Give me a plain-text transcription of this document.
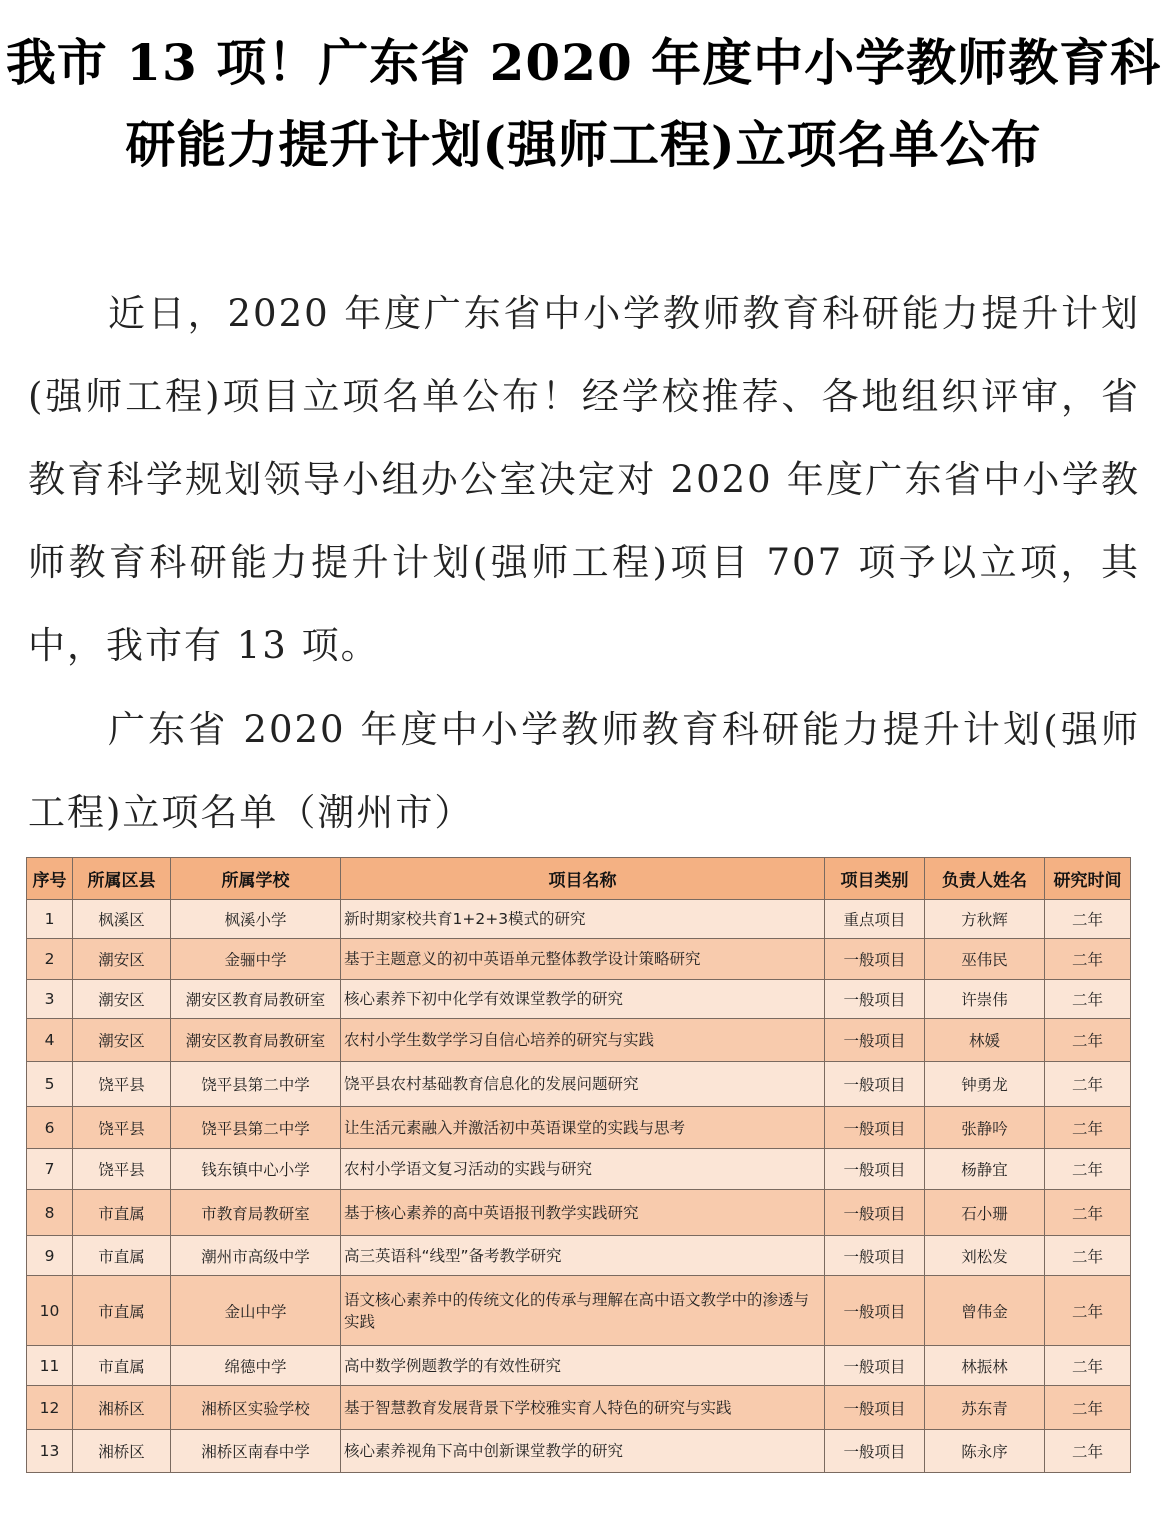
我市 13 项！广东省 2020 年度中小学教师教育科
研能力提升计划(强师工程)立项名单公布
近日，2020 年度广东省中小学教师教育科研能力提升计划(强师工程)项目立项名单公布！经学校推荐、各地组织评审，省教育科学规划领导小组办公室决定对 2020 年度广东省中小学教师教育科研能力提升计划(强师工程)项目 707 项予以立项，其中，我市有 13 项。
广东省 2020 年度中小学教师教育科研能力提升计划(强师工程)立项名单（潮州市）
序号	所属区县	所属学校	项目名称	项目类别	负责人姓名	研究时间
1	枫溪区	枫溪小学	新时期家校共育1+2+3模式的研究	重点项目	方秋辉	二年
2	潮安区	金骊中学	基于主题意义的初中英语单元整体教学设计策略研究	一般项目	巫伟民	二年
3	潮安区	潮安区教育局教研室	核心素养下初中化学有效课堂教学的研究	一般项目	许崇伟	二年
4	潮安区	潮安区教育局教研室	农村小学生数学学习自信心培养的研究与实践	一般项目	林媛	二年
5	饶平县	饶平县第二中学	饶平县农村基础教育信息化的发展问题研究	一般项目	钟勇龙	二年
6	饶平县	饶平县第二中学	让生活元素融入并激活初中英语课堂的实践与思考	一般项目	张静吟	二年
7	饶平县	钱东镇中心小学	农村小学语文复习活动的实践与研究	一般项目	杨静宜	二年
8	市直属	市教育局教研室	基于核心素养的高中英语报刊教学实践研究	一般项目	石小珊	二年
9	市直属	潮州市高级中学	高三英语科“线型”备考教学研究	一般项目	刘松发	二年
10	市直属	金山中学	语文核心素养中的传统文化的传承与理解在高中语文教学中的渗透与实践	一般项目	曾伟金	二年
11	市直属	绵德中学	高中数学例题教学的有效性研究	一般项目	林振林	二年
12	湘桥区	湘桥区实验学校	基于智慧教育发展背景下学校雅实育人特色的研究与实践	一般项目	苏东青	二年
13	湘桥区	湘桥区南春中学	核心素养视角下高中创新课堂教学的研究	一般项目	陈永序	二年
